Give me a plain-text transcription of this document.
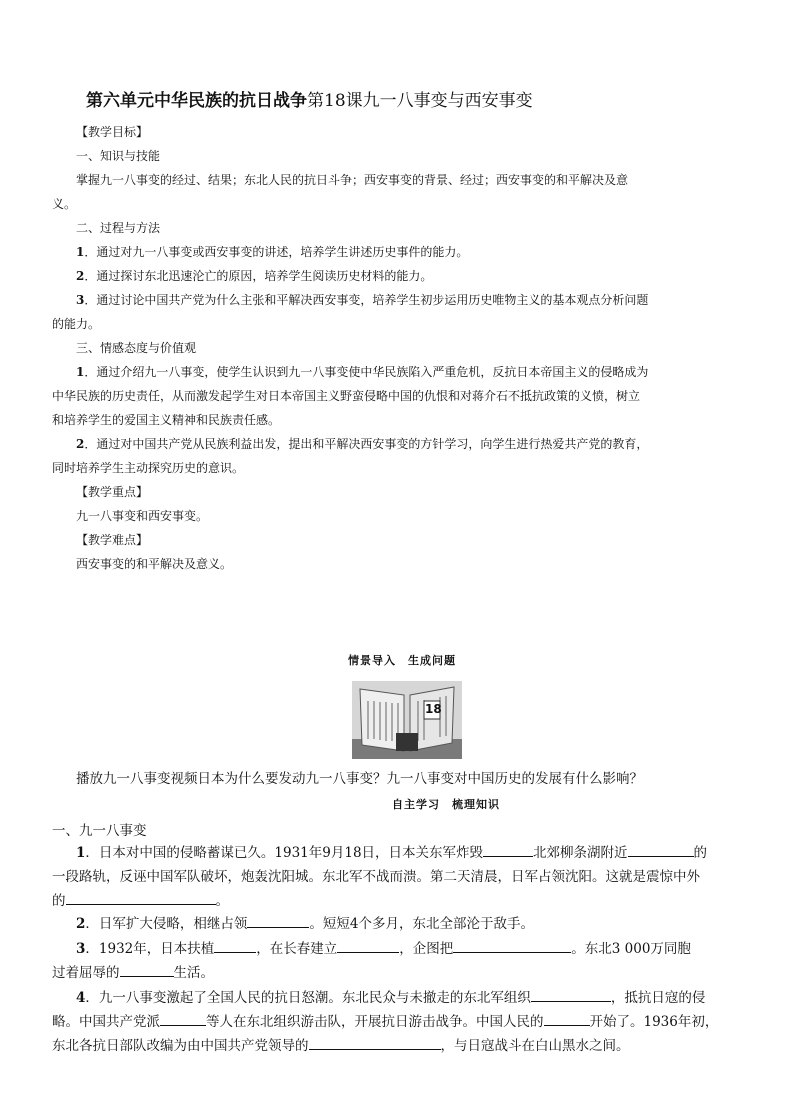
第六单元中华民族的抗日战争第18课九一八事变与西安事变
【教学目标】
一、知识与技能
掌握九一八事变的经过、结果；东北人民的抗日斗争；西安事变的背景、经过；西安事变的和平解决及意
义。
二、过程与方法
1．通过对九一八事变或西安事变的讲述，培养学生讲述历史事件的能力。
2．通过探讨东北迅速沦亡的原因，培养学生阅读历史材料的能力。
3．通过讨论中国共产党为什么主张和平解决西安事变，培养学生初步运用历史唯物主义的基本观点分析问题
的能力。
三、情感态度与价值观
1．通过介绍九一八事变，使学生认识到九一八事变使中华民族陷入严重危机，反抗日本帝国主义的侵略成为
中华民族的历史责任，从而激发起学生对日本帝国主义野蛮侵略中国的仇恨和对蒋介石不抵抗政策的义愤，树立
和培养学生的爱国主义精神和民族责任感。
2．通过对中国共产党从民族利益出发，提出和平解决西安事变的方针学习，向学生进行热爱共产党的教育，
同时培养学生主动探究历史的意识。
【教学重点】
九一八事变和西安事变。
【教学难点】
西安事变的和平解决及意义。
情景导入　生成问题
18
播放九一八事变视频日本为什么要发动九一八事变？九一八事变对中国历史的发展有什么影响？
自主学习　梳理知识
一、九一八事变
1．日本对中国的侵略蓄谋已久。1931年9月18日，日本关东军炸毁	北郊柳条湖附近	的
一段路轨，反诬中国军队破坏，炮轰沈阳城。东北军不战而溃。第二天清晨，日军占领沈阳。这就是震惊中外
的	。
2．日军扩大侵略，相继占领	。短短4个多月，东北全部沦于敌手。
3．1932年，日本扶植	，在长春建立	，企图把	。东北3 000万同胞
过着屈辱的	生活。
4．九一八事变激起了全国人民的抗日怒潮。东北民众与未撤走的东北军组织	，抵抗日寇的侵
略。中国共产党派	等人在东北组织游击队，开展抗日游击战争。中国人民的	开始了。1936年初，
东北各抗日部队改编为由中国共产党领导的	，与日寇战斗在白山黑水之间。
